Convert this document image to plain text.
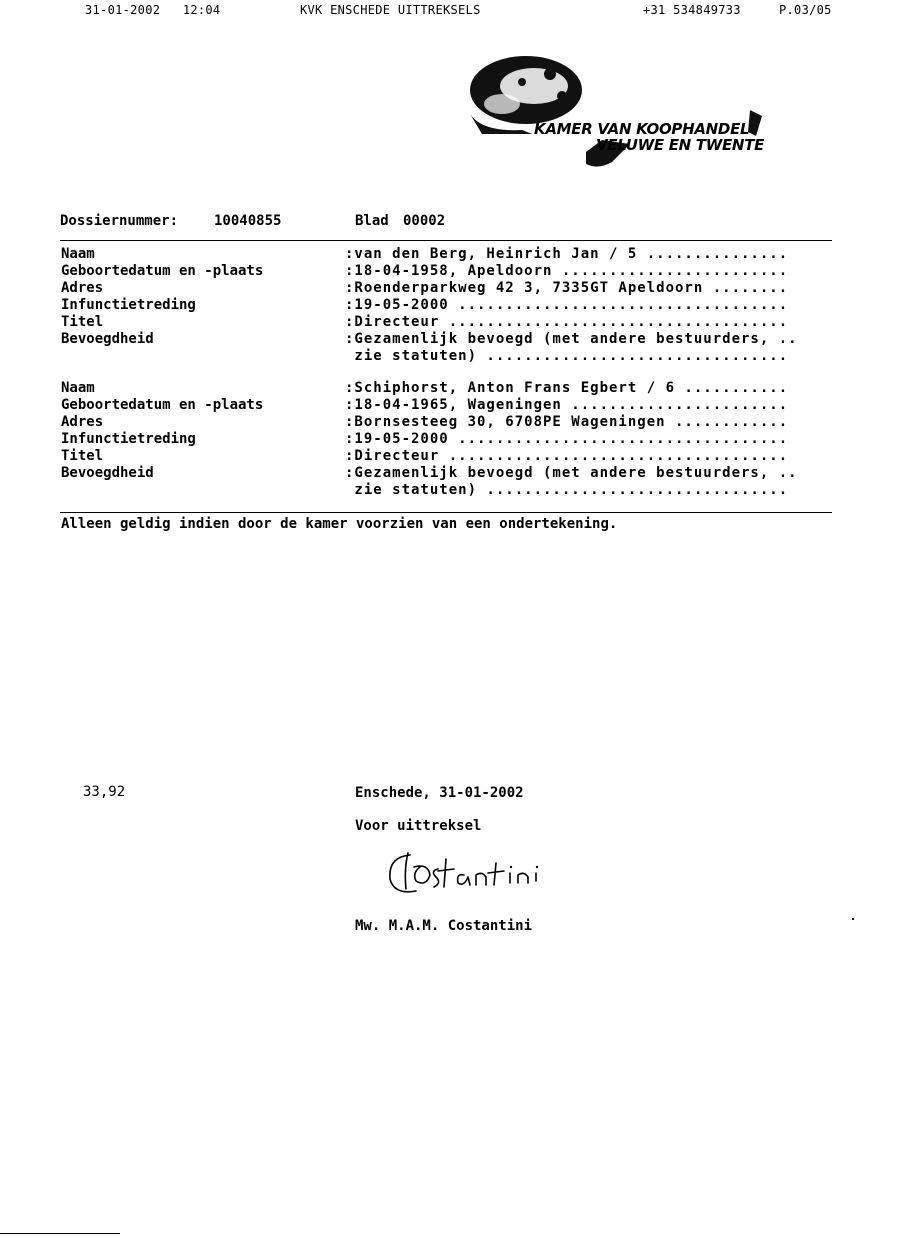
31-01-2002   12:04	KVK ENSCHEDE UITTREKSELS	+31 534849733	P.03/05
KAMER VAN KOOPHANDEL
VELUWE EN TWENTE
Dossiernummer:	10040855	Blad 00002
Naam	:van den Berg, Heinrich Jan / 5 ...............
Geboortedatum en -plaats	:18-04-1958, Apeldoorn ........................
Adres	:Roenderparkweg 42 3, 7335GT Apeldoorn ........
Infunctietreding	:19-05-2000 ...................................
Titel	:Directeur ....................................
Bevoegdheid	:Gezamenlijk bevoegd (met andere bestuurders, ..
zie statuten) ................................
Naam	:Schiphorst, Anton Frans Egbert / 6 ...........
Geboortedatum en -plaats	:18-04-1965, Wageningen .......................
Adres	:Bornsesteeg 30, 6708PE Wageningen ............
Infunctietreding	:19-05-2000 ...................................
Titel	:Directeur ....................................
Bevoegdheid	:Gezamenlijk bevoegd (met andere bestuurders, ..
zie statuten) ................................
Alleen geldig indien door de kamer voorzien van een ondertekening.
33,92	Enschede, 31-01-2002
Voor uittreksel
Mw. M.A.M. Costantini
